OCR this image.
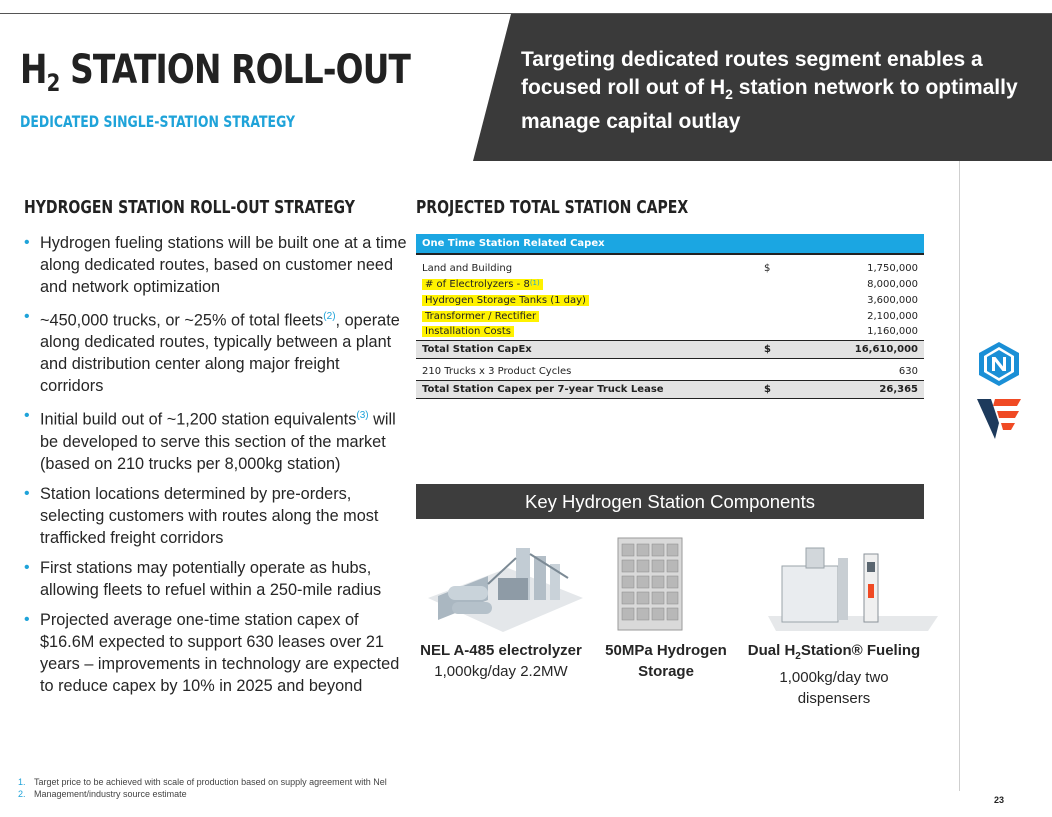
$H_2$ STATION ROLL-OUT
DEDICATED SINGLE-STATION STRATEGY
Targeting dedicated routes segment enables a
focused roll out of $H_2$ station network to optimally
manage capital outlay
HYDROGEN STATION ROLL-OUT STRATEGY
• Hydrogen fueling stations will be built one at a time along dedicated routes, based on customer need and network optimization
• ~450,000 trucks, or ~25% of total fleets$^{(2)}$, operate along dedicated routes, typically between a plant and distribution center along major freight corridors
• Initial build out of ~1,200 station equivalents$^{(3)}$ will be developed to serve this section of the market (based on 210 trucks per 8,000kg station)
• Station locations determined by pre-orders, selecting customers with routes along the most trafficked freight corridors
• First stations may potentially operate as hubs, allowing fleets to refuel within a 250-mile radius
• Projected average one-time station capex of $16.6M expected to support 630 leases over 21 years – improvements in technology are expected to reduce capex by 10% in 2025 and beyond
PROJECTED TOTAL STATION CAPEX
One Time Station Related Capex		

Land and Building	$	1,750,000
# of Electrolyzers - 8$^{(1)}$		8,000,000
Hydrogen Storage Tanks (1 day)		3,600,000
Transformer / Rectifier		2,100,000
Installation Costs		1,160,000
Total Station CapEx	$	16,610,000

210 Trucks x 3 Product Cycles		630
Total Station Capex per 7-year Truck Lease	$	26,365
Key Hydrogen Station Components
NEL A-485 electrolyzer
1,000kg/day 2.2MW
50MPa Hydrogen
Storage
Dual $H_2Station®$ Fueling
1,000kg/day two
dispensers
1. Target price to be achieved with scale of production based on supply agreement with Nel
2. Management/industry source estimate
23
